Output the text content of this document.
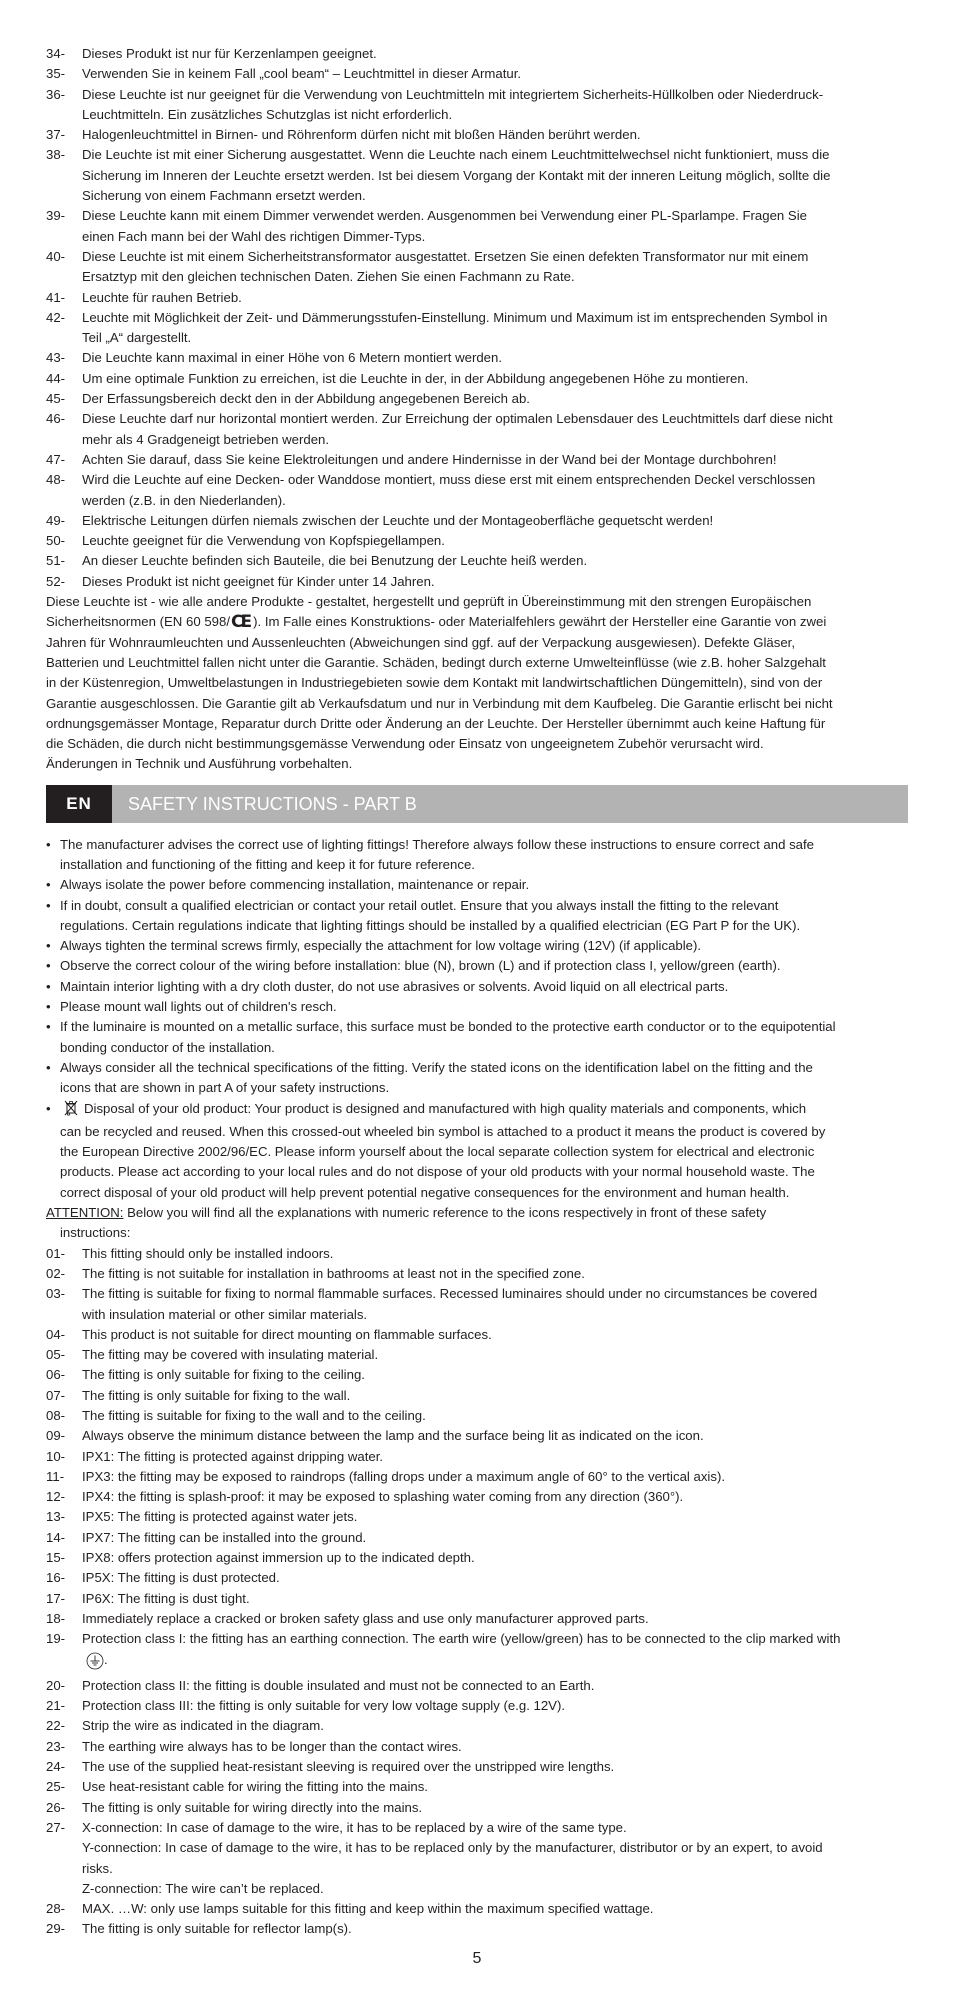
34-	Dieses Produkt ist nur für Kerzenlampen geeignet.
35-	Verwenden Sie in keinem Fall „cool beam“ – Leuchtmittel in dieser Armatur.
36-	Diese Leuchte ist nur geeignet für die Verwendung von Leuchtmitteln mit integriertem Sicherheits-Hüllkolben oder Niederdruck-
Leuchtmitteln. Ein zusätzliches Schutzglas ist nicht erforderlich.
37-	Halogenleuchtmittel in Birnen- und Röhrenform dürfen nicht mit bloßen Händen berührt werden.
38-	Die Leuchte ist mit einer Sicherung ausgestattet. Wenn die Leuchte nach einem Leuchtmittelwechsel nicht funktioniert, muss die
Sicherung im Inneren der Leuchte ersetzt werden. Ist bei diesem Vorgang der Kontakt mit der inneren Leitung möglich, sollte die
Sicherung von einem Fachmann ersetzt werden.
39-	Diese Leuchte kann mit einem Dimmer verwendet werden. Ausgenommen bei Verwendung einer PL-Sparlampe. Fragen Sie
einen Fach mann bei der Wahl des richtigen Dimmer-Typs.
40-	Diese Leuchte ist mit einem Sicherheitstransformator ausgestattet. Ersetzen Sie einen defekten Transformator nur mit einem
Ersatztyp mit den gleichen technischen Daten. Ziehen Sie einen Fachmann zu Rate.
41-	Leuchte für rauhen Betrieb.
42-	Leuchte mit Möglichkeit der Zeit- und Dämmerungsstufen-Einstellung. Minimum und Maximum ist im entsprechenden Symbol in
Teil „A“ dargestellt.
43-	Die Leuchte kann maximal in einer Höhe von 6 Metern montiert werden.
44-	Um eine optimale Funktion zu erreichen, ist die Leuchte in der, in der Abbildung angegebenen Höhe zu montieren.
45-	Der Erfassungsbereich deckt den in der Abbildung angegebenen Bereich ab.
46-	Diese Leuchte darf nur horizontal montiert werden. Zur Erreichung der optimalen Lebensdauer des Leuchtmittels darf diese nicht
mehr als 4 Gradgeneigt betrieben werden.
47-	Achten Sie darauf, dass Sie keine Elektroleitungen und andere Hindernisse in der Wand bei der Montage durchbohren!
48-	Wird die Leuchte auf eine Decken- oder Wanddose montiert, muss diese erst mit einem entsprechenden Deckel verschlossen
werden (z.B. in den Niederlanden).
49-	Elektrische Leitungen dürfen niemals zwischen der Leuchte und der Montageoberfläche gequetscht werden!
50-	Leuchte geeignet für die Verwendung von Kopfspiegellampen.
51-	An dieser Leuchte befinden sich Bauteile, die bei Benutzung der Leuchte heiß werden.
52-	Dieses Produkt ist nicht geeignet für Kinder unter 14 Jahren.
Diese Leuchte ist - wie alle andere Produkte - gestaltet, hergestellt und geprüft in Übereinstimmung mit den strengen Europäischen
Sicherheitsnormen (EN 60 598/CE ). Im Falle eines Konstruktions- oder Materialfehlers gewährt der Hersteller eine Garantie von zwei
Jahren für Wohnraumleuchten und Aussenleuchten (Abweichungen sind ggf. auf der Verpackung ausgewiesen). Defekte Gläser,
Batterien und Leuchtmittel fallen nicht unter die Garantie. Schäden, bedingt durch externe Umwelteinflüsse (wie z.B. hoher Salzgehalt
in der Küstenregion, Umweltbelastungen in Industriegebieten sowie dem Kontakt mit landwirtschaftlichen Düngemitteln), sind von der
Garantie ausgeschlossen. Die Garantie gilt ab Verkaufsdatum und nur in Verbindung mit dem Kaufbeleg. Die Garantie erlischt bei nicht
ordnungsgemässer Montage, Reparatur durch Dritte oder Änderung an der Leuchte. Der Hersteller übernimmt auch keine Haftung für
die Schäden, die durch nicht bestimmungsgemässe Verwendung oder Einsatz von ungeeignetem Zubehör verursacht wird.
Änderungen in Technik und Ausführung vorbehalten.
EN	SAFETY INSTRUCTIONS - PART B
• The manufacturer advises the correct use of lighting fittings! Therefore always follow these instructions to ensure correct and safe
installation and functioning of the fitting and keep it for future reference.
• Always isolate the power before commencing installation, maintenance or repair.
• If in doubt, consult a qualified electrician or contact your retail outlet. Ensure that you always install the fitting to the relevant
regulations. Certain regulations indicate that lighting fittings should be installed by a qualified electrician (EG Part P for the UK).
• Always tighten the terminal screws firmly, especially the attachment for low voltage wiring (12V) (if applicable).
• Observe the correct colour of the wiring before installation: blue (N), brown (L) and if protection class I, yellow/green (earth).
• Maintain interior lighting with a dry cloth duster, do not use abrasives or solvents. Avoid liquid on all electrical parts.
• Please mount wall lights out of children's resch.
• If the luminaire is mounted on a metallic surface, this surface must be bonded to the protective earth conductor or to the equipotential
bonding conductor of the installation.
• Always consider all the technical specifications of the fitting. Verify the stated icons on the identification label on the fitting and the
icons that are shown in part A of your safety instructions.
•	Disposal of your old product: Your product is designed and manufactured with high quality materials and components, which
can be recycled and reused. When this crossed-out wheeled bin symbol is attached to a product it means the product is covered by
the European Directive 2002/96/EC. Please inform yourself about the local separate collection system for electrical and electronic
products. Please act according to your local rules and do not dispose of your old products with your normal household waste. The
correct disposal of your old product will help prevent potential negative consequences for the environment and human health.
ATTENTION: Below you will find all the explanations with numeric reference to the icons respectively in front of these safety
instructions:
01-	This fitting should only be installed indoors.
02-	The fitting is not suitable for installation in bathrooms at least not in the specified zone.
03-	The fitting is suitable for fixing to normal flammable surfaces. Recessed luminaires should under no circumstances be covered
with insulation material or other similar materials.
04-	This product is not suitable for direct mounting on flammable surfaces.
05-	The fitting may be covered with insulating material.
06-	The fitting is only suitable for fixing to the ceiling.
07-	The fitting is only suitable for fixing to the wall.
08-	The fitting is suitable for fixing to the wall and to the ceiling.
09-	Always observe the minimum distance between the lamp and the surface being lit as indicated on the icon.
10-	IPX1: The fitting is protected against dripping water.
11-	IPX3: the fitting may be exposed to raindrops (falling drops under a maximum angle of 60° to the vertical axis).
12-	IPX4: the fitting is splash-proof: it may be exposed to splashing water coming from any direction (360°).
13-	IPX5: The fitting is protected against water jets.
14-	IPX7: The fitting can be installed into the ground.
15-	IPX8: offers protection against immersion up to the indicated depth.
16-	IP5X: The fitting is dust protected.
17-	IP6X: The fitting is dust tight.
18-	Immediately replace a cracked or broken safety glass and use only manufacturer approved parts.
19-	Protection class I: the fitting has an earthing connection. The earth wire (yellow/green) has to be connected to the clip marked with
.
20-	Protection class II: the fitting is double insulated and must not be connected to an Earth.
21-	Protection class III: the fitting is only suitable for very low voltage supply (e.g. 12V).
22-	Strip the wire as indicated in the diagram.
23-	The earthing wire always has to be longer than the contact wires.
24-	The use of the supplied heat-resistant sleeving is required over the unstripped wire lengths.
25-	Use heat-resistant cable for wiring the fitting into the mains.
26-	The fitting is only suitable for wiring directly into the mains.
27-	X-connection: In case of damage to the wire, it has to be replaced by a wire of the same type.
Y-connection: In case of damage to the wire, it has to be replaced only by the manufacturer, distributor or by an expert, to avoid
risks.
Z-connection: The wire can’t be replaced.
28-	MAX. …W: only use lamps suitable for this fitting and keep within the maximum specified wattage.
29-	The fitting is only suitable for reflector lamp(s).
5
